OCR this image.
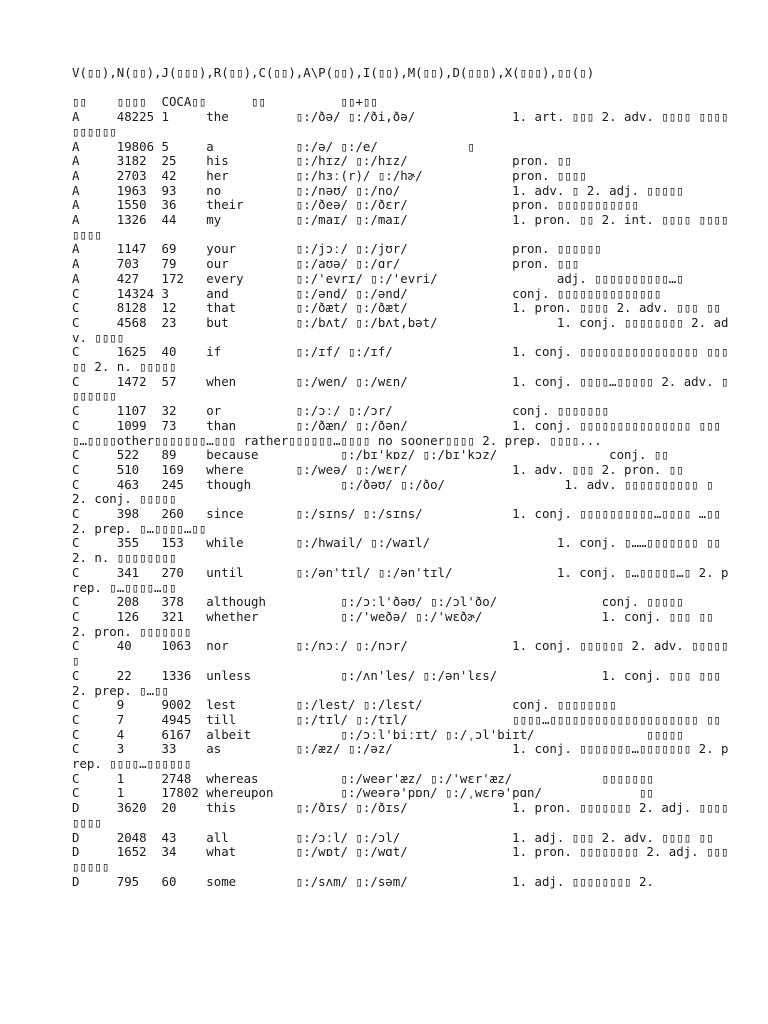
V(▯▯),N(▯▯),J(▯▯▯),R(▯▯),C(▯▯),A\P(▯▯),I(▯▯),M(▯▯),D(▯▯▯),X(▯▯▯),▯▯(▯)
▯▯    ▯▯▯▯  COCA▯▯      ▯▯          ▯▯+▯▯
A     48225 1     the         ▯:/ðə/ ▯:/ði,ðə/             1. art. ▯▯▯ 2. adv. ▯▯▯▯ ▯▯▯▯▯▯▯▯▯▯
A     19806 5     a           ▯:/ə/ ▯:/e/            ▯
A     3182  25    his         ▯:/hɪz/ ▯:/hɪz/              pron. ▯▯
A     2703  42    her         ▯:/hɜː(r)/ ▯:/hɚ/            pron. ▯▯▯▯
A     1963  93    no          ▯:/nəʊ/ ▯:/no/               1. adv. ▯ 2. adj. ▯▯▯▯▯
A     1550  36    their       ▯:/ðeə/ ▯:/ðɛr/              pron. ▯▯▯▯▯▯▯▯▯▯▯
A     1326  44    my          ▯:/maɪ/ ▯:/maɪ/              1. pron. ▯▯ 2. int. ▯▯▯▯ ▯▯▯▯▯▯▯▯
A     1147  69    your        ▯:/jɔː/ ▯:/jʊr/              pron. ▯▯▯▯▯▯
A     703   79    our         ▯:/aʊə/ ▯:/ɑr/               pron. ▯▯▯
A     427   172   every       ▯:/'evrɪ/ ▯:/'evri/                adj. ▯▯▯▯▯▯▯▯▯▯…▯
C     14324 3     and         ▯:/ənd/ ▯:/ənd/              conj. ▯▯▯▯▯▯▯▯▯▯▯▯▯▯
C     8128  12    that        ▯:/ðæt/ ▯:/ðæt/              1. pron. ▯▯▯▯ 2. adv. ▯▯▯ ▯▯
C     4568  23    but         ▯:/bʌt/ ▯:/bʌt,bət/                1. conj. ▯▯▯▯▯▯▯▯ 2. adv. ▯▯▯▯
C     1625  40    if          ▯:/ɪf/ ▯:/ɪf/                1. conj. ▯▯▯▯▯▯▯▯▯▯▯▯▯▯▯▯ ▯▯▯▯▯ 2. n. ▯▯▯▯▯
C     1472  57    when        ▯:/wen/ ▯:/wɛn/              1. conj. ▯▯▯▯…▯▯▯▯▯ 2. adv. ▯▯▯▯▯▯▯
C     1107  32    or          ▯:/ɔː/ ▯:/ɔr/                conj. ▯▯▯▯▯▯▯
C     1099  73    than        ▯:/ðæn/ ▯:/ðən/              1. conj. ▯▯▯▯▯▯▯▯▯▯▯▯▯▯▯ ▯▯▯▯…▯▯▯▯other▯▯▯▯▯▯▯…▯▯▯ rather▯▯▯▯▯▯…▯▯▯▯ no sooner▯▯▯▯ 2. prep. ▯▯▯▯...
C     522   89    because           ▯:/bɪ'kɒz/ ▯:/bɪ'kɔz/               conj. ▯▯
C     510   169   where       ▯:/weə/ ▯:/wɛr/              1. adv. ▯▯▯ 2. pron. ▯▯
C     463   245   though            ▯:/ðəʊ/ ▯:/ðo/                1. adv. ▯▯▯▯▯▯▯▯▯▯ ▯ 2. conj. ▯▯▯▯▯
C     398   260   since       ▯:/sɪns/ ▯:/sɪns/            1. conj. ▯▯▯▯▯▯▯▯▯▯…▯▯▯▯ …▯▯ 2. prep. ▯…▯▯▯▯…▯▯
C     355   153   while       ▯:/hwail/ ▯:/waɪl/                 1. conj. ▯……▯▯▯▯▯▯▯ ▯▯ 2. n. ▯▯▯▯▯▯▯▯
C     341   270   until       ▯:/ən'tɪl/ ▯:/ən'tɪl/              1. conj. ▯…▯▯▯▯▯…▯ 2. prep. ▯…▯▯▯▯…▯▯
C     208   378   although          ▯:/ɔːl'ðəʊ/ ▯:/ɔl'ðo/              conj. ▯▯▯▯▯
C     126   321   whether           ▯:/'weðə/ ▯:/'wɛðɚ/                1. conj. ▯▯▯ ▯▯ 2. pron. ▯▯▯▯▯▯▯
C     40    1063  nor         ▯:/nɔː/ ▯:/nɔr/              1. conj. ▯▯▯▯▯▯ 2. adv. ▯▯▯▯▯▯
C     22    1336  unless            ▯:/ʌn'les/ ▯:/ən'lɛs/              1. conj. ▯▯▯ ▯▯▯ 2. prep. ▯…▯▯
C     9     9002  lest        ▯:/lest/ ▯:/lɛst/            conj. ▯▯▯▯▯▯▯▯
C     7     4945  till        ▯:/tɪl/ ▯:/tɪl/              ▯▯▯▯…▯▯▯▯▯▯▯▯▯▯▯▯▯▯▯▯▯▯▯▯ ▯▯
C     4     6167  albeit            ▯:/ɔːl'biːɪt/ ▯:/ˌɔl'biɪt/               ▯▯▯▯▯
C     3     33    as          ▯:/æz/ ▯:/əz/                1. conj. ▯▯▯▯▯▯▯…▯▯▯▯▯▯▯ 2. prep. ▯▯▯▯…▯▯▯▯▯▯
C     1     2748  whereas           ▯:/weər'æz/ ▯:/'wɛr'æz/            ▯▯▯▯▯▯▯
C     1     17802 whereupon         ▯:/weərə'pɒn/ ▯:/ˌwɛrə'pɑn/             ▯▯
D     3620  20    this        ▯:/ðɪs/ ▯:/ðɪs/              1. pron. ▯▯▯▯▯▯▯ 2. adj. ▯▯▯▯▯▯▯▯
D     2048  43    all         ▯:/ɔːl/ ▯:/ɔl/               1. adj. ▯▯▯ 2. adv. ▯▯▯▯ ▯▯
D     1652  34    what        ▯:/wɒt/ ▯:/wɑt/              1. pron. ▯▯▯▯▯▯▯▯ 2. adj. ▯▯▯▯▯▯▯▯
D     795   60    some        ▯:/sʌm/ ▯:/səm/              1. adj. ▯▯▯▯▯▯▯▯ 2.
